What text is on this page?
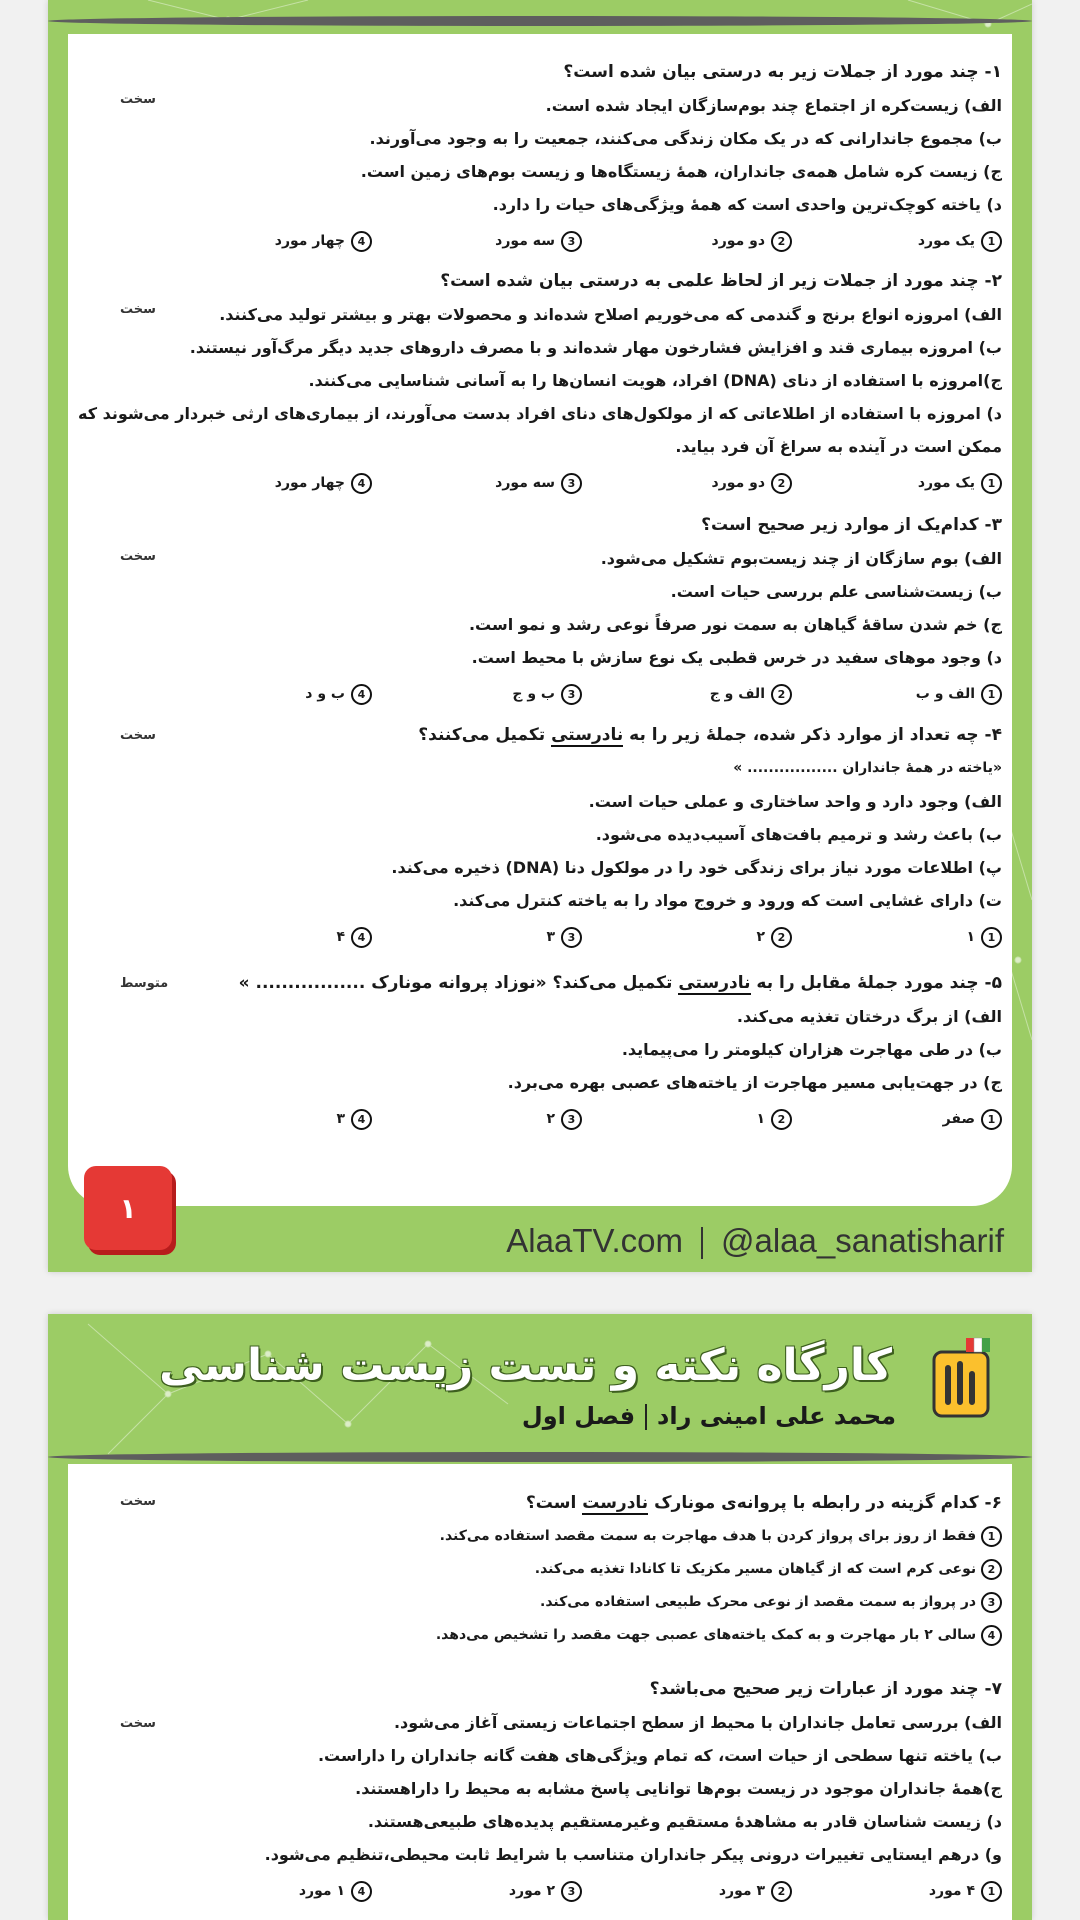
۱- چند مورد از جملات زیر به درستی بیان شده است؟
الف) زیست‌کره از اجتماع چند بوم‌سازگان ایجاد شده است.
ب) مجموع جاندارانی که در یک مکان زندگی می‌کنند، جمعیت را به وجود می‌آورند.
ج) زیست کره شامل همه‌ی جانداران، همهٔ زیستگاه‌ها و زیست بوم‌های زمین است.
د) یاخته کوچک‌ترین واحدی است که همهٔ ویژگی‌های حیات را دارد.
1
یک مورد
2
دو مورد
3
سه مورد
4
چهار مورد
سخت
۲- چند مورد از جملات زیر از لحاظ علمی به درستی بیان شده است؟
الف) امروزه انواع برنج و گندمی که می‌خوریم اصلاح شده‌اند و محصولات بهتر و بیشتر تولید می‌کنند.
ب) امروزه بیماری قند و افزایش فشارخون مهار شده‌اند و با مصرف داروهای جدید دیگر مرگ‌آور نیستند.
ج)امروزه با استفاده از دنای (DNA) افراد، هویت انسان‌ها را به آسانی شناسایی می‌کنند.
د) امروزه با استفاده از اطلاعاتی که از مولکول‌های دنای افراد بدست می‌آورند، از بیماری‌های ارثی خبردار می‌شوند که ممکن است در آینده به سراغ آن فرد بیاید.
1
یک مورد
2
دو مورد
3
سه مورد
4
چهار مورد
سخت
۳- کدام‌یک از موارد زیر صحیح است؟
الف) بوم سازگان از چند زیست‌بوم تشکیل می‌شود.
ب) زیست‌شناسی علم بررسی حیات است.
ج) خم شدن ساقهٔ گیاهان به سمت نور صرفاً نوعی رشد و نمو است.
د) وجود موهای سفید در خرس قطبی یک نوع سازش با محیط است.
1
الف و ب
2
الف و ج
3
ب و ج
4
ب و د
سخت
۴- چه تعداد از موارد ذکر شده، جملهٔ زیر را به نادرستی تکمیل می‌کنند؟
«یاخته در همهٔ جانداران ................. »
الف) وجود دارد و واحد ساختاری و عملی حیات است.
ب) باعث رشد و ترمیم بافت‌های آسیب‌دیده می‌شود.
پ) اطلاعات مورد نیاز برای زندگی خود را در مولکول دنا (DNA) ذخیره می‌کند.
ت) دارای غشایی است که ورود و خروج مواد را به یاخته کنترل می‌کند.
1
۱
2
۲
3
۳
4
۴
سخت
۵- چند مورد جملهٔ مقابل را به نادرستی تکمیل می‌کند؟ «نوزاد پروانه مونارک ................. »
الف) از برگ درختان تغذیه می‌کند.
ب) در طی مهاجرت هزاران کیلومتر را می‌پیماید.
ج) در جهت‌یابی مسیر مهاجرت از یاخته‌های عصبی بهره می‌برد.
1
صفر
2
۱
3
۲
4
۳
متوسط
۱
AlaaTV.com @alaa_sanatisharif
کارگاه نکته و تست زیست شناسی
محمد علی امینی رادفصل اول
۶- کدام گزینه در رابطه با پروانه‌ی مونارک نادرست است؟
1 فقط از روز برای پرواز کردن با هدف مهاجرت به سمت مقصد استفاده می‌کند.
2 نوعی کرم است که از گیاهان مسیر مکزیک تا کانادا تغذیه می‌کند.
3 در پرواز به سمت مقصد از نوعی محرک طبیعی استفاده می‌کند.
4 سالی ۲ بار مهاجرت و به کمک یاخته‌های عصبی جهت مقصد را تشخیص می‌دهد.
سخت
۷- چند مورد از عبارات زیر صحیح می‌باشد؟
الف) بررسی تعامل جانداران با محیط از سطح اجتماعات زیستی آغاز می‌شود.
ب) یاخته تنها سطحی از حیات است، که تمام ویژگی‌های هفت گانه جانداران را داراست.
ج)همهٔ جانداران موجود در زیست بوم‌ها توانایی پاسخ مشابه به محیط را دارا‌هستند.
د) زیست شناسان قادر به مشاهدهٔ مستقیم وغیرمستقیم پدیده‌های طبیعی‌هستند.
و) درهم ایستایی تغییرات درونی پیکر جانداران متناسب با شرایط ثابت محیطی،تنظیم می‌شود.
1
۴ مورد
2
۳ مورد
3
۲ مورد
4
۱ مورد
سخت
